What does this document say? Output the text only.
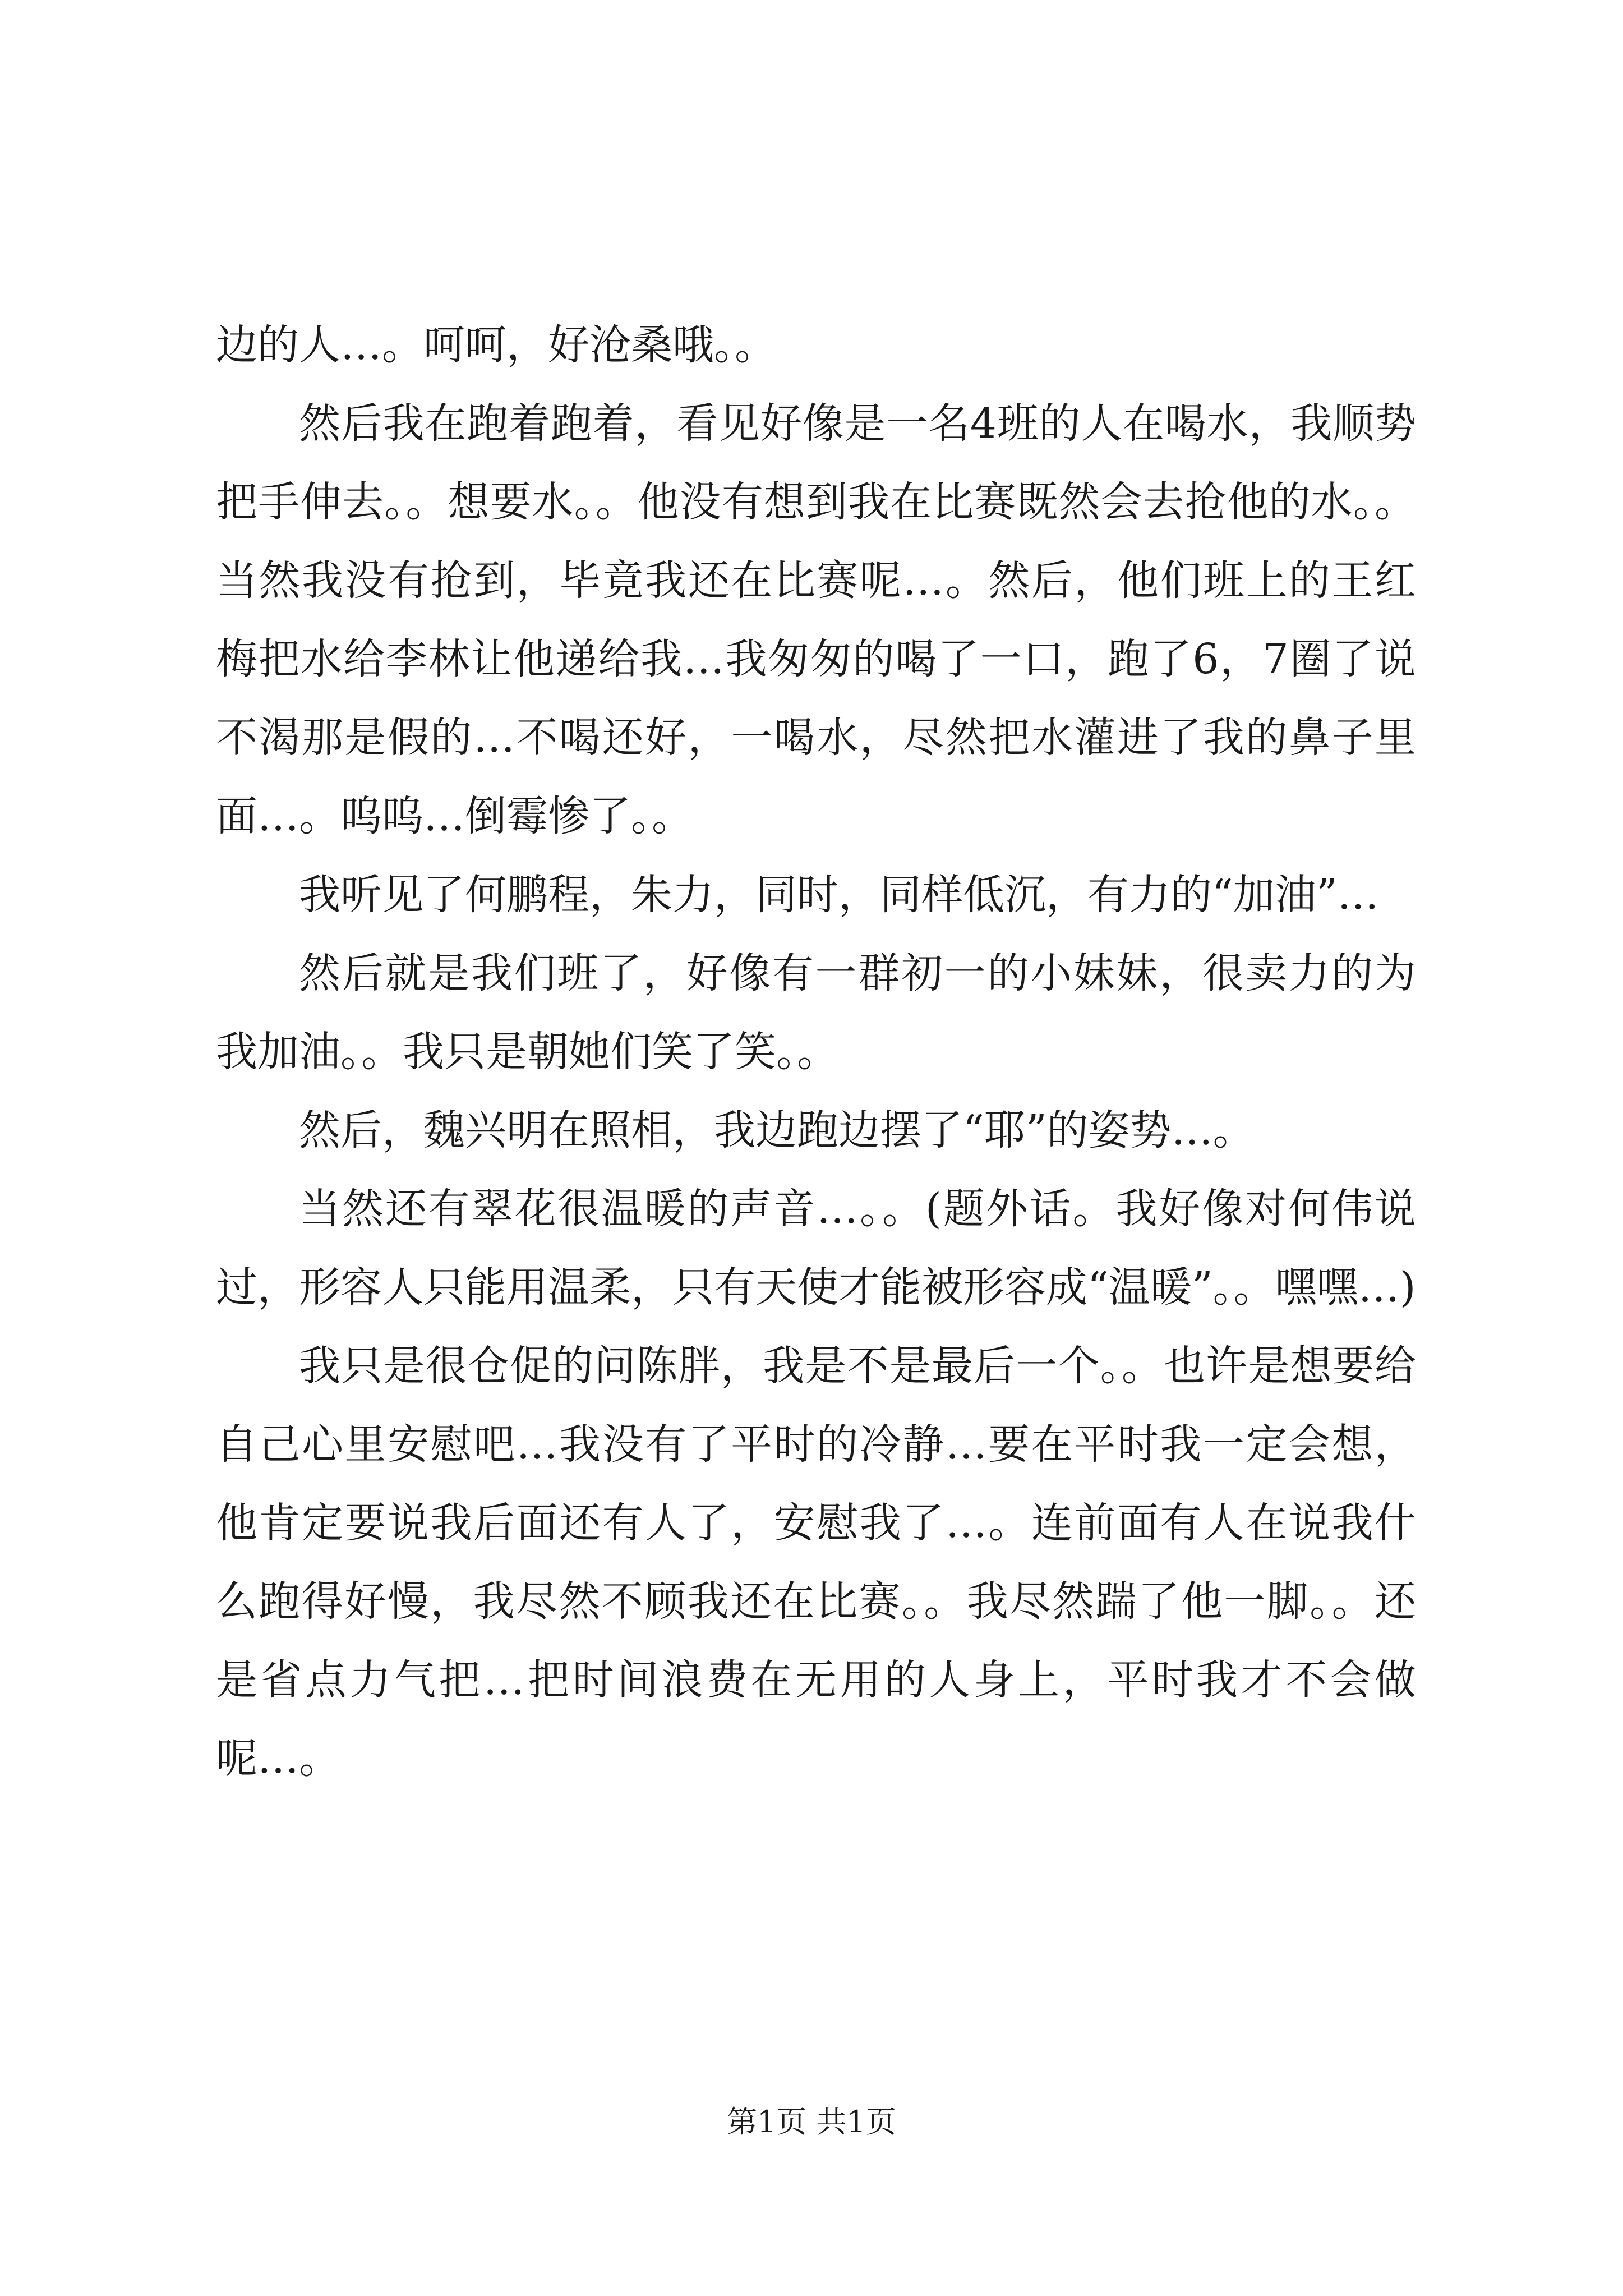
边的人…。呵呵，好沧桑哦。。

然后我在跑着跑着，看见好像是一名4班的人在喝水，我顺势把手伸去。。想要水。。他没有想到我在比赛既然会去抢他的水。。当然我没有抢到，毕竟我还在比赛呢…。然后，他们班上的王红梅把水给李林让他递给我…我匆匆的喝了一口，跑了6，7圈了说不渴那是假的…不喝还好，一喝水，尽然把水灌进了我的鼻子里面…。呜呜…倒霉惨了。。

我听见了何鹏程，朱力，同时，同样低沉，有力的“加油”…

然后就是我们班了，好像有一群初一的小妹妹，很卖力的为我加油。。我只是朝她们笑了笑。。

然后，魏兴明在照相，我边跑边摆了“耶”的姿势…。

当然还有翠花很温暖的声音…。。(题外话。我好像对何伟说过，形容人只能用温柔，只有天使才能被形容成“温暖”。。嘿嘿…)

我只是很仓促的问陈胖，我是不是最后一个。。也许是想要给自己心里安慰吧…我没有了平时的冷静…要在平时我一定会想，他肯定要说我后面还有人了，安慰我了…。连前面有人在说我什么跑得好慢，我尽然不顾我还在比赛。。我尽然踹了他一脚。。还是省点力气把…把时间浪费在无用的人身上，平时我才不会做呢…。

第1页 共1页
